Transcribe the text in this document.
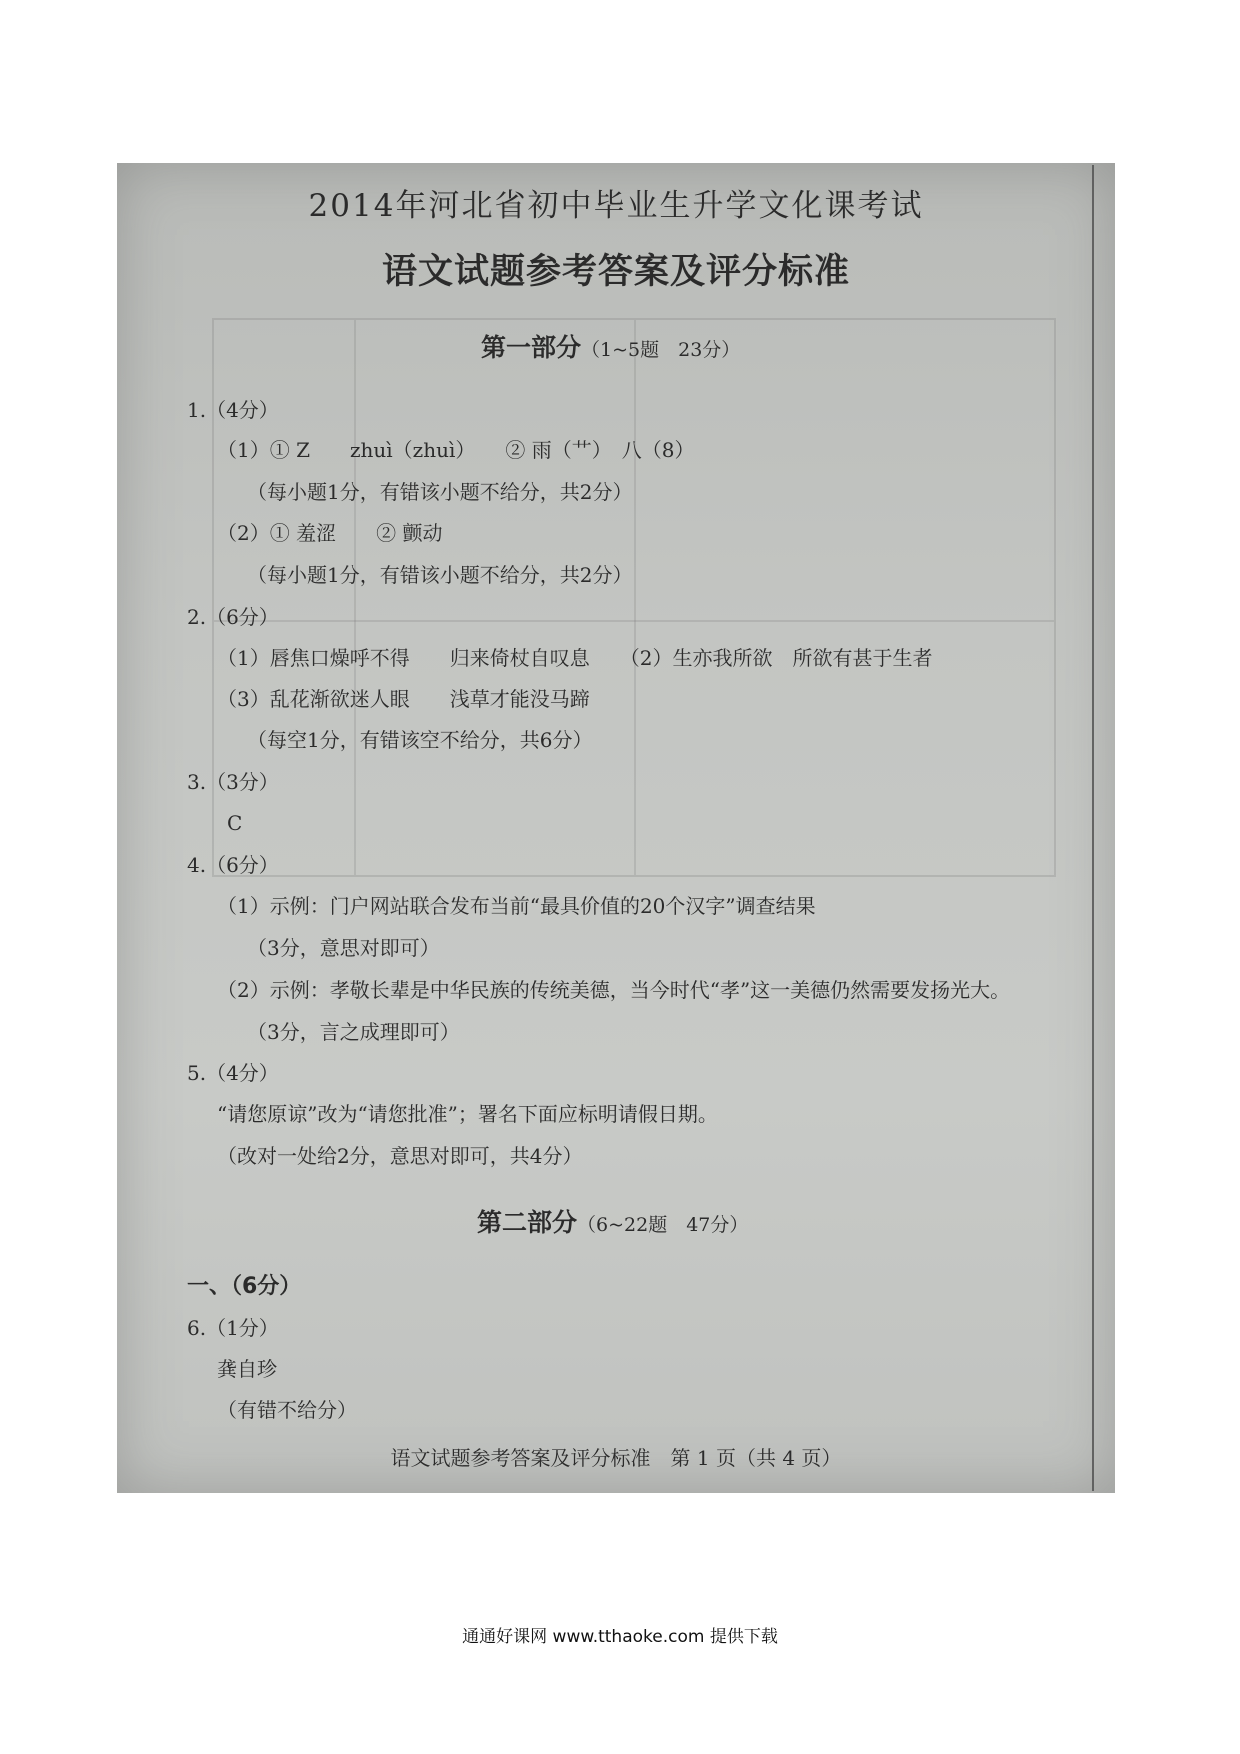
2014年河北省初中毕业生升学文化课考试
语文试题参考答案及评分标准
第一部分（1~5题　23分）
1.（4分）
（1）① Z　　zhuì（zhuì）　　② 雨（⺾）　八（8）
（每小题1分，有错该小题不给分，共2分）
（2）① 羞涩　　② 颤动
（每小题1分，有错该小题不给分，共2分）
2.（6分）
（1）唇焦口燥呼不得　　归来倚杖自叹息　　（2）生亦我所欲　所欲有甚于生者
（3）乱花渐欲迷人眼　　浅草才能没马蹄
（每空1分，有错该空不给分，共6分）
3.（3分）
C
4.（6分）
（1）示例：门户网站联合发布当前“最具价值的20个汉字”调查结果
（3分，意思对即可）
（2）示例：孝敬长辈是中华民族的传统美德，当今时代“孝”这一美德仍然需要发扬光大。
（3分，言之成理即可）
5.（4分）
“请您原谅”改为“请您批准”；署名下面应标明请假日期。
（改对一处给2分，意思对即可，共4分）
第二部分（6~22题　47分）
一、（6分）
6.（1分）
龚自珍
（有错不给分）
语文试题参考答案及评分标准　第 1 页（共 4 页）
通通好课网 www.tthaoke.com 提供下载
